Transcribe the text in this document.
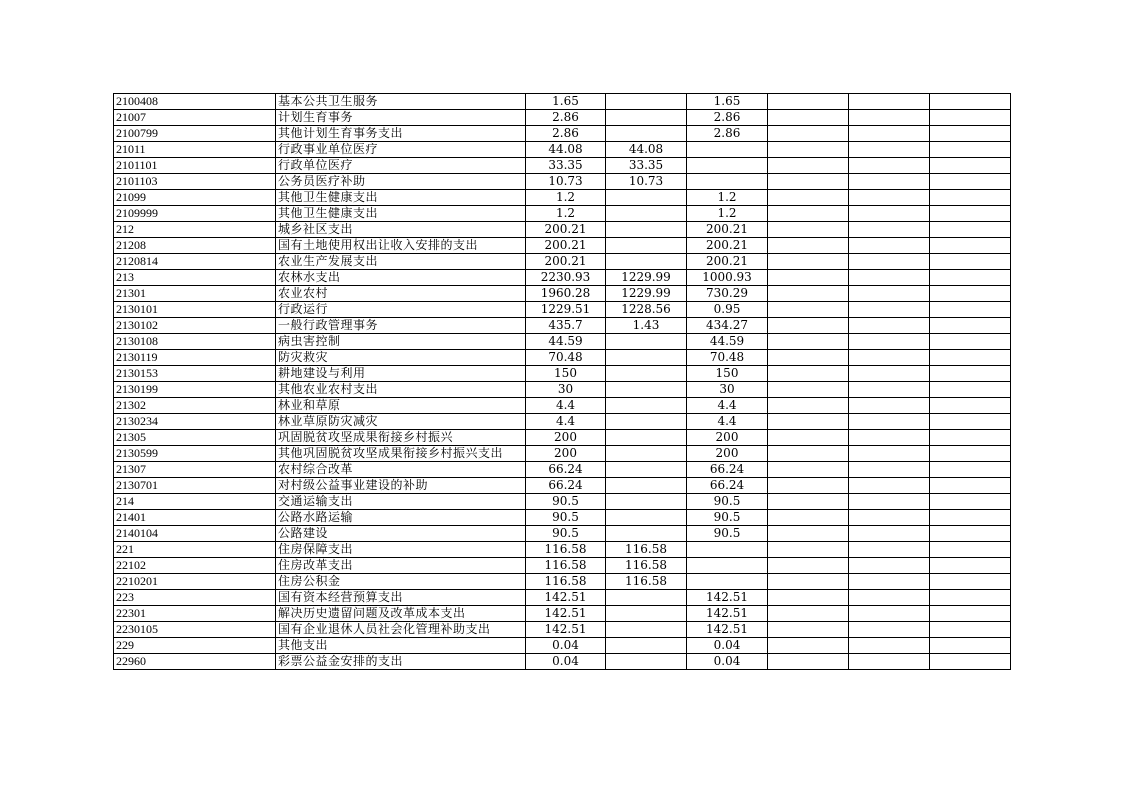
2100408	基本公共卫生服务	1.65		1.65			
21007	计划生育事务	2.86		2.86			
2100799	其他计划生育事务支出	2.86		2.86			
21011	行政事业单位医疗	44.08	44.08				
2101101	行政单位医疗	33.35	33.35				
2101103	公务员医疗补助	10.73	10.73				
21099	其他卫生健康支出	1.2		1.2			
2109999	其他卫生健康支出	1.2		1.2			
212	城乡社区支出	200.21		200.21			
21208	国有土地使用权出让收入安排的支出	200.21		200.21			
2120814	农业生产发展支出	200.21		200.21			
213	农林水支出	2230.93	1229.99	1000.93			
21301	农业农村	1960.28	1229.99	730.29			
2130101	行政运行	1229.51	1228.56	0.95			
2130102	一般行政管理事务	435.7	1.43	434.27			
2130108	病虫害控制	44.59		44.59			
2130119	防灾救灾	70.48		70.48			
2130153	耕地建设与利用	150		150			
2130199	其他农业农村支出	30		30			
21302	林业和草原	4.4		4.4			
2130234	林业草原防灾减灾	4.4		4.4			
21305	巩固脱贫攻坚成果衔接乡村振兴	200		200			
2130599	其他巩固脱贫攻坚成果衔接乡村振兴支出	200		200			
21307	农村综合改革	66.24		66.24			
2130701	对村级公益事业建设的补助	66.24		66.24			
214	交通运输支出	90.5		90.5			
21401	公路水路运输	90.5		90.5			
2140104	公路建设	90.5		90.5			
221	住房保障支出	116.58	116.58				
22102	住房改革支出	116.58	116.58				
2210201	住房公积金	116.58	116.58				
223	国有资本经营预算支出	142.51		142.51			
22301	解决历史遗留问题及改革成本支出	142.51		142.51			
2230105	国有企业退休人员社会化管理补助支出	142.51		142.51			
229	其他支出	0.04		0.04			
22960	彩票公益金安排的支出	0.04		0.04			
